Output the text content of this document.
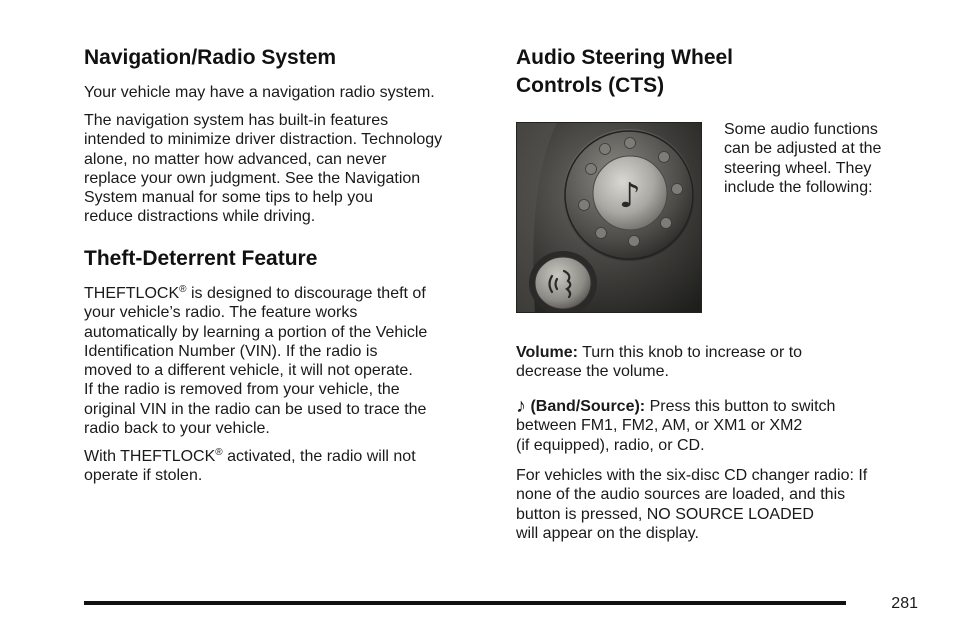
Navigation/Radio System

Your vehicle may have a navigation radio system.

The navigation system has built-in features

intended to minimize driver distraction. Technology

alone, no matter how advanced, can never

replace your own judgment. See the Navigation

System manual for some tips to help you

reduce distractions while driving.

Theft-Deterrent Feature

THEFTLOCK® is designed to discourage theft of

your vehicle’s radio. The feature works

automatically by learning a portion of the Vehicle

Identification Number (VIN). If the radio is

moved to a different vehicle, it will not operate.

If the radio is removed from your vehicle, the

original VIN in the radio can be used to trace the

radio back to your vehicle.

With THEFTLOCK® activated, the radio will not

operate if stolen.

Audio Steering Wheel
Controls (CTS)
♪

Some audio functions

can be adjusted at the

steering wheel. They

include the following:

Volume: Turn this knob to increase or to

decrease the volume.

♪ (Band/Source): Press this button to switch

between FM1, FM2, AM, or XM1 or XM2

(if equipped), radio, or CD.

For vehicles with the six-disc CD changer radio: If

none of the audio sources are loaded, and this

button is pressed, NO SOURCE LOADED

will appear on the display.

281
